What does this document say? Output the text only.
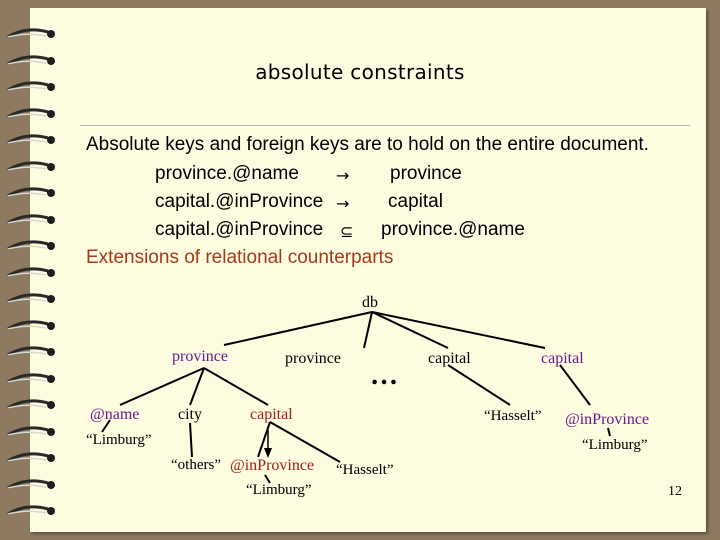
absolute constraints
Absolute keys and foreign keys are to hold on the entire document.
province.@name → province
capital.@inProvince → capital
capital.@inProvince ⊆ province.@name
Extensions of relational counterparts
db
province	province
…
capital	capital
@name city	capital	“Hasselt” @inProvince
“Limburg”	“Limburg”
“others” @inProvince “Hasselt”
“Limburg”	12
